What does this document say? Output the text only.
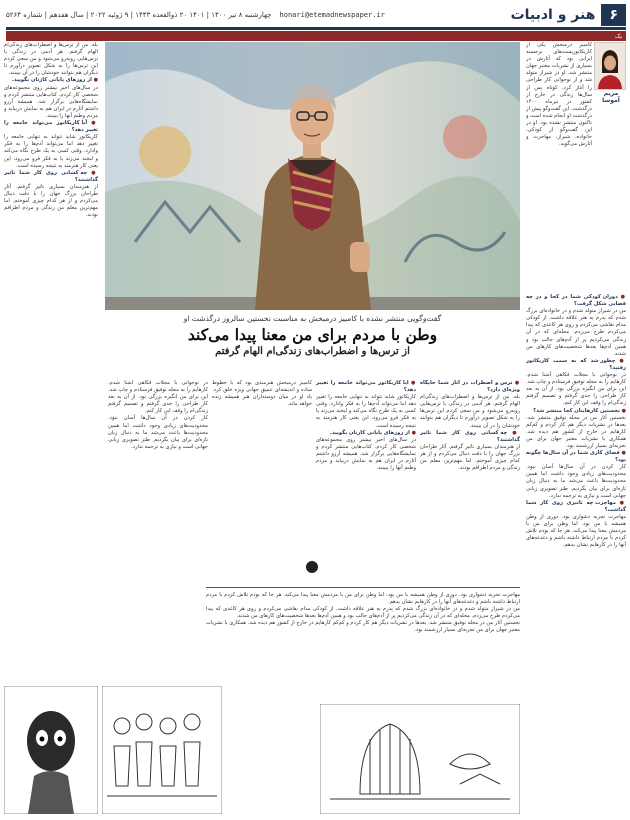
۶
هنر و ادبیات
honari@etemadnewspaper.ir
چهارشنبه ۸ تیر ۱۴۰۰ | ۱۴۰۱ ۲۰ ذوالقعده ۱۴۴۳ | ۹ ژوئیه ۲۰۲۲ | سال هفدهم | شماره ۵۲۶۴
یک
مریم آموسا
کامبیز درمبخش یکی از کاریکاتوریست‌های برجسته ایرانی بود که آثارش در بسیاری از نشریات معتبر جهان منتشر شد. او در شیراز متولد شد و از نوجوانی کار طراحی را آغاز کرد. کوتاه پس از سال‌ها زندگی در خارج از کشور در تیرماه ۱۴۰۰ درگذشت. این گفت‌وگو پیش از درگذشت او انجام شده است و تاکنون منتشر نشده بود. او در این گفت‌وگو از کودکی، خانواده، شیراز، مهاجرت و آثارش می‌گوید.
● دوران کودکی شما در کجا و در چه فضایی شکل گرفت؟
من در شیراز متولد شدم و در خانواده‌ای بزرگ شدم که پدرم به هنر علاقه داشت. از کودکی مدام نقاشی می‌کردم و روی هر کاغذی که پیدا می‌کردم طرح می‌زدم. محله‌ای که در آن زندگی می‌کردیم پر از آدم‌های جالب بود و همین آدم‌ها بعدها شخصیت‌های کارهای من شدند.
● چطور شد که به سمت کاریکاتور رفتید؟
در نوجوانی با مجلات فکاهی آشنا شدم. کارهایم را به مجله توفیق فرستادم و چاپ شد. این برای من انگیزه بزرگی بود. از آن به بعد کار طراحی را جدی گرفتم و تصمیم گرفتم زندگی‌ام را وقف این کار کنم.
● نخستین کارهایتان کجا منتشر شد؟
نخستین آثار من در مجله توفیق منتشر شد. بعدها در نشریات دیگر هم کار کردم و کم‌کم کارهایم در خارج از کشور هم دیده شد. همکاری با نشریات معتبر جهان برای من تجربه‌ای بسیار ارزشمند بود.
● فضای کاری شما در آن سال‌ها چگونه بود؟
کار کردن در آن سال‌ها آسان نبود. محدودیت‌های زیادی وجود داشت اما همین محدودیت‌ها باعث می‌شد ما به دنبال زبان تازه‌ای برای بیان بگردیم. طنز تصویری زبانی جهانی است و نیازی به ترجمه ندارد.
● مهاجرت چه تاثیری روی کار شما گذاشت؟
مهاجرت تجربه دشواری بود. دوری از وطن همیشه با من بود. اما وطن برای من با مردمش معنا پیدا می‌کند. هر جا که بودم تلاش کردم با مردم ارتباط داشته باشم و دغدغه‌های آنها را در کارهایم نشان بدهم.
گفت‌وگویی منتشر نشده با کامبیز درمبخش به مناسبت نخستین سالروز درگذشت او
وطن با مردم برای من معنا پیدا می‌کند
از ترس‌ها و اضطراب‌های زندگی‌ام الهام گرفتم
● ترس و اضطراب در آثار شما جایگاه ویژه‌ای دارد؟
بله. من از ترس‌ها و اضطراب‌های زندگی‌ام الهام گرفتم. هر آدمی در زندگی با ترس‌هایی روبه‌رو می‌شود و من سعی کردم این ترس‌ها را به شکل تصویر درآورم تا دیگران هم بتوانند خودشان را در آن ببینند.
● چه کسانی روی کار شما تاثیر گذاشتند؟
از هنرمندان بسیاری تاثیر گرفتم. آثار طراحان بزرگ جهان را با دقت دنبال می‌کردم و از هر کدام چیزی آموختم. اما مهم‌ترین معلم من زندگی و مردم اطرافم بودند.
● آیا کاریکاتور می‌تواند جامعه را تغییر دهد؟
کاریکاتور شاید نتواند به تنهایی جامعه را تغییر دهد اما می‌تواند آدم‌ها را به فکر وادارد. وقتی کسی به یک طرح نگاه می‌کند و لبخند می‌زند یا به فکر فرو می‌رود، این یعنی کار هنرمند به نتیجه رسیده است.
● از روزهای پایانی کارتان بگویید.
در سال‌های اخیر بیشتر روی مجموعه‌های شخصی کار کردم. کتاب‌هایی منتشر کردم و نمایشگاه‌هایی برگزار شد. همیشه آرزو داشتم آثارم در ایران هم به نمایش دربیاید و مردم وطنم آنها را ببینند.
کامبیز درمبخش هنرمندی بود که با خطوط ساده و اندیشه‌ای عمیق جهانی ویژه خلق کرد. یاد او در میان دوستداران هنر همیشه زنده خواهد ماند.
در نوجوانی با مجلات فکاهی آشنا شدم. کارهایم را به مجله توفیق فرستادم و چاپ شد. این برای من انگیزه بزرگی بود. از آن به بعد کار طراحی را جدی گرفتم و تصمیم گرفتم زندگی‌ام را وقف این کار کنم.
کار کردن در آن سال‌ها آسان نبود. محدودیت‌های زیادی وجود داشت اما همین محدودیت‌ها باعث می‌شد ما به دنبال زبان تازه‌ای برای بیان بگردیم. طنز تصویری زبانی جهانی است و نیازی به ترجمه ندارد.
مهاجرت تجربه دشواری بود. دوری از وطن همیشه با من بود. اما وطن برای من با مردمش معنا پیدا می‌کند. هر جا که بودم تلاش کردم با مردم ارتباط داشته باشم و دغدغه‌های آنها را در کارهایم نشان بدهم.
من در شیراز متولد شدم و در خانواده‌ای بزرگ شدم که پدرم به هنر علاقه داشت. از کودکی مدام نقاشی می‌کردم و روی هر کاغذی که پیدا می‌کردم طرح می‌زدم. محله‌ای که در آن زندگی می‌کردیم پر از آدم‌های جالب بود و همین آدم‌ها بعدها شخصیت‌های کارهای من شدند.
نخستین آثار من در مجله توفیق منتشر شد. بعدها در نشریات دیگر هم کار کردم و کم‌کم کارهایم در خارج از کشور هم دیده شد. همکاری با نشریات معتبر جهان برای من تجربه‌ای بسیار ارزشمند بود.
بله. من از ترس‌ها و اضطراب‌های زندگی‌ام الهام گرفتم. هر آدمی در زندگی با ترس‌هایی روبه‌رو می‌شود و من سعی کردم این ترس‌ها را به شکل تصویر درآورم تا دیگران هم بتوانند خودشان را در آن ببینند.
● از روزهای پایانی کارتان بگویید.
در سال‌های اخیر بیشتر روی مجموعه‌های شخصی کار کردم. کتاب‌هایی منتشر کردم و نمایشگاه‌هایی برگزار شد. همیشه آرزو داشتم آثارم در ایران هم به نمایش دربیاید و مردم وطنم آنها را ببینند.
● آیا کاریکاتور می‌تواند جامعه را تغییر دهد؟
کاریکاتور شاید نتواند به تنهایی جامعه را تغییر دهد اما می‌تواند آدم‌ها را به فکر وادارد. وقتی کسی به یک طرح نگاه می‌کند و لبخند می‌زند یا به فکر فرو می‌رود، این یعنی کار هنرمند به نتیجه رسیده است.
● چه کسانی روی کار شما تاثیر گذاشتند؟
از هنرمندان بسیاری تاثیر گرفتم. آثار طراحان بزرگ جهان را با دقت دنبال می‌کردم و از هر کدام چیزی آموختم. اما مهم‌ترین معلم من زندگی و مردم اطرافم بودند.
